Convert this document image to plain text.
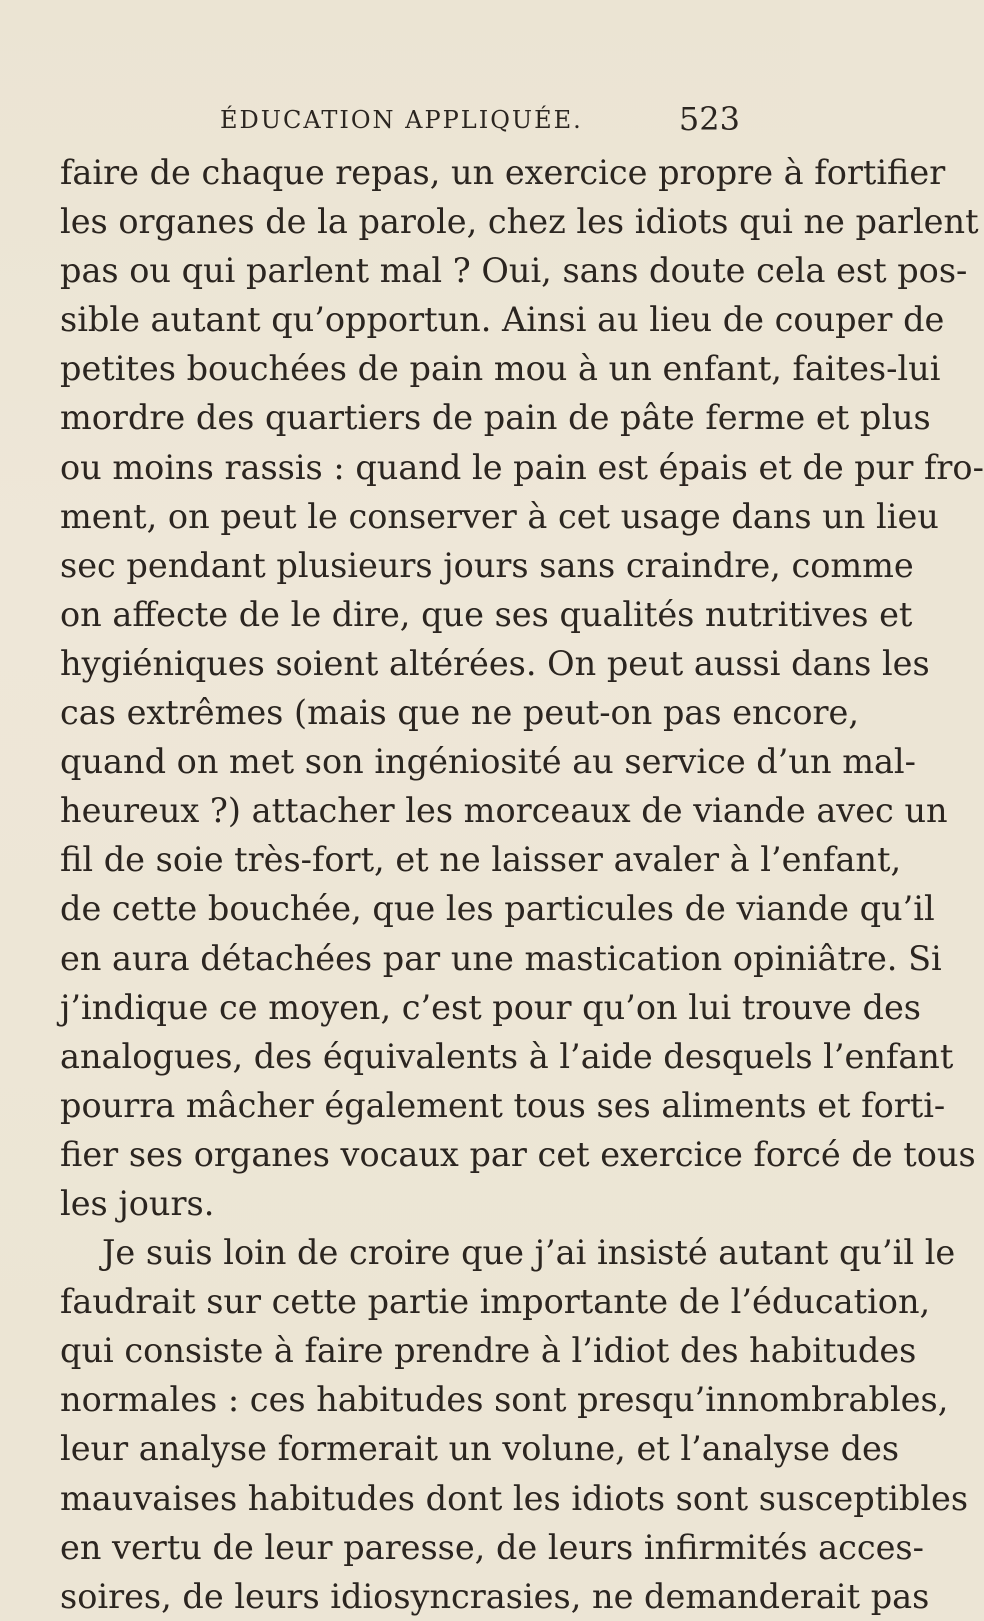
ÉDUCATION APPLIQUÉE.	523
faire de chaque repas, un exercice propre à fortifier
les organes de la parole, chez les idiots qui ne parlent
pas ou qui parlent mal ? Oui, sans doute cela est pos-
sible autant qu’opportun. Ainsi au lieu de couper de
petites bouchées de pain mou à un enfant, faites-lui
mordre des quartiers de pain de pâte ferme et plus
ou moins rassis : quand le pain est épais et de pur fro-
ment, on peut le conserver à cet usage dans un lieu
sec pendant plusieurs jours sans craindre, comme
on affecte de le dire, que ses qualités nutritives et
hygiéniques soient altérées. On peut aussi dans les
cas extrêmes (mais que ne peut-on pas encore,
quand on met son ingéniosité au service d’un mal-
heureux ?) attacher les morceaux de viande avec un
fil de soie très-fort, et ne laisser avaler à l’enfant,
de cette bouchée, que les particules de viande qu’il
en aura détachées par une mastication opiniâtre. Si
j’indique ce moyen, c’est pour qu’on lui trouve des
analogues, des équivalents à l’aide desquels l’enfant
pourra mâcher également tous ses aliments et forti-
fier ses organes vocaux par cet exercice forcé de tous
les jours.
Je suis loin de croire que j’ai insisté autant qu’il le
faudrait sur cette partie importante de l’éducation,
qui consiste à faire prendre à l’idiot des habitudes
normales : ces habitudes sont presqu’innombrables,
leur analyse formerait un volune, et l’analyse des
mauvaises habitudes dont les idiots sont susceptibles
en vertu de leur paresse, de leurs infirmités acces-
soires, de leurs idiosyncrasies, ne demanderait pas
